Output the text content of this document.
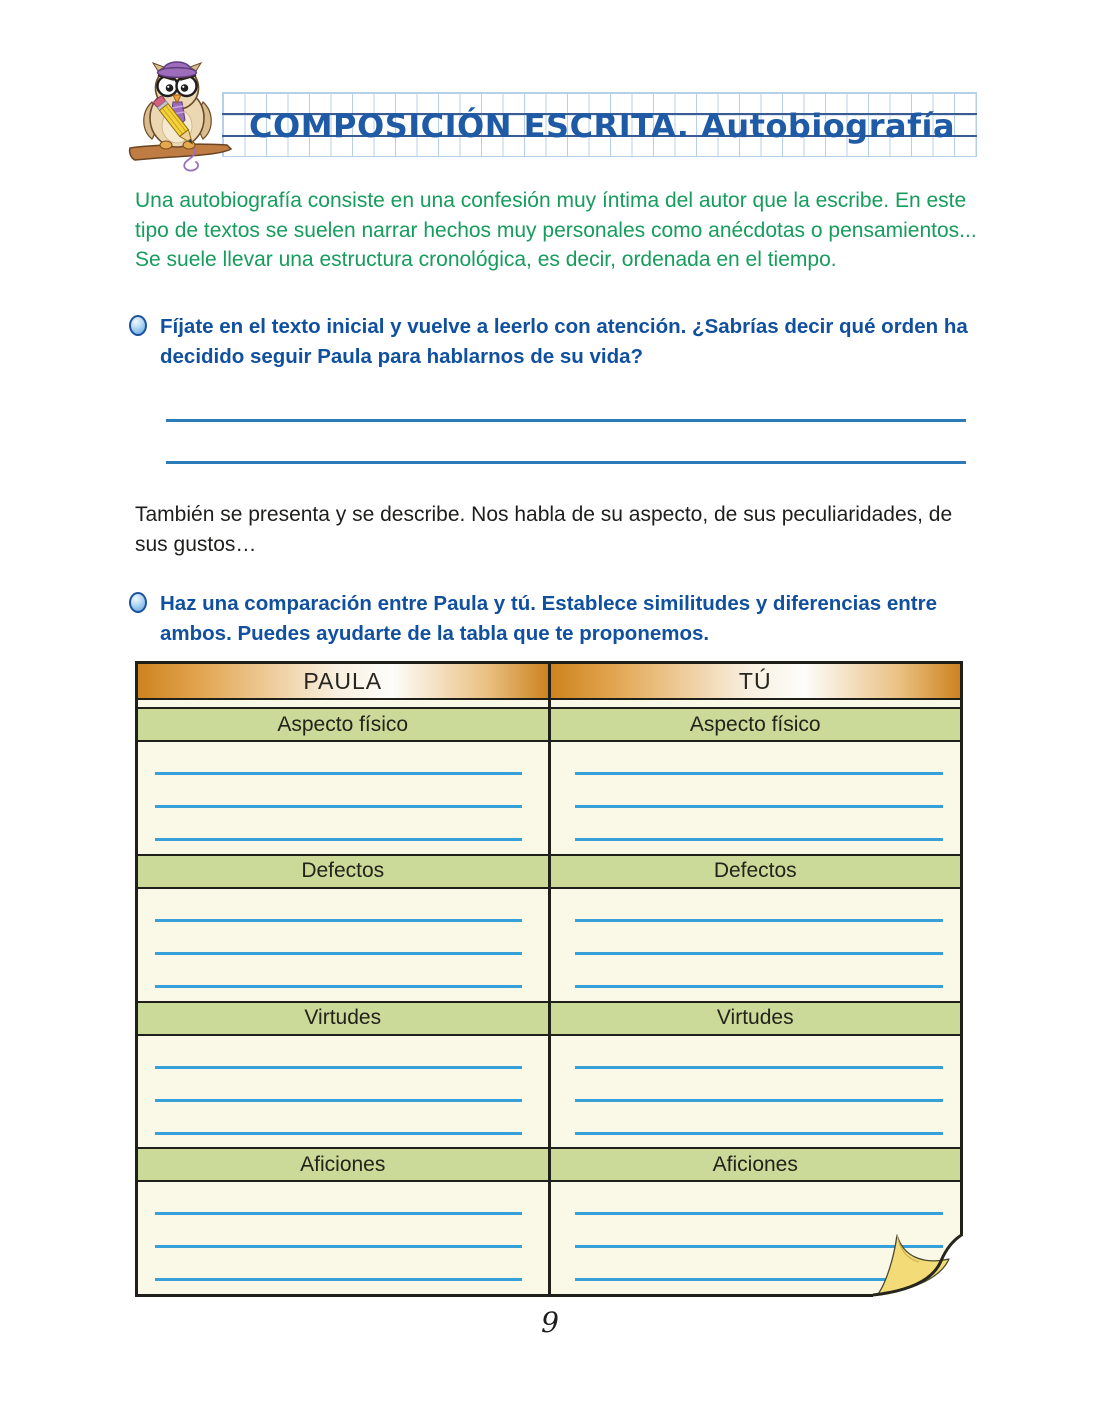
COMPOSICIÓN ESCRITA. Autobiografía

Una autobiografía consiste en una confesión muy íntima del autor que la escribe. En este tipo de textos se suelen narrar hechos muy personales como anécdotas o pensamientos... Se suele llevar una estructura cronológica, es decir, ordenada en el tiempo.

Fíjate en el texto inicial y vuelve a leerlo con atención. ¿Sabrías decir qué orden ha decidido seguir Paula para hablarnos de su vida?

También se presenta y se describe. Nos habla de su aspecto, de sus peculiaridades, de sus gustos…

Haz una comparación entre Paula y tú. Establece similitudes y diferencias entre ambos. Puedes ayudarte de la tabla que te proponemos.
PAULA
Aspecto físico
Defectos
Virtudes
Aficiones
TÚ
Aspecto físico
Defectos
Virtudes
Aficiones
9
